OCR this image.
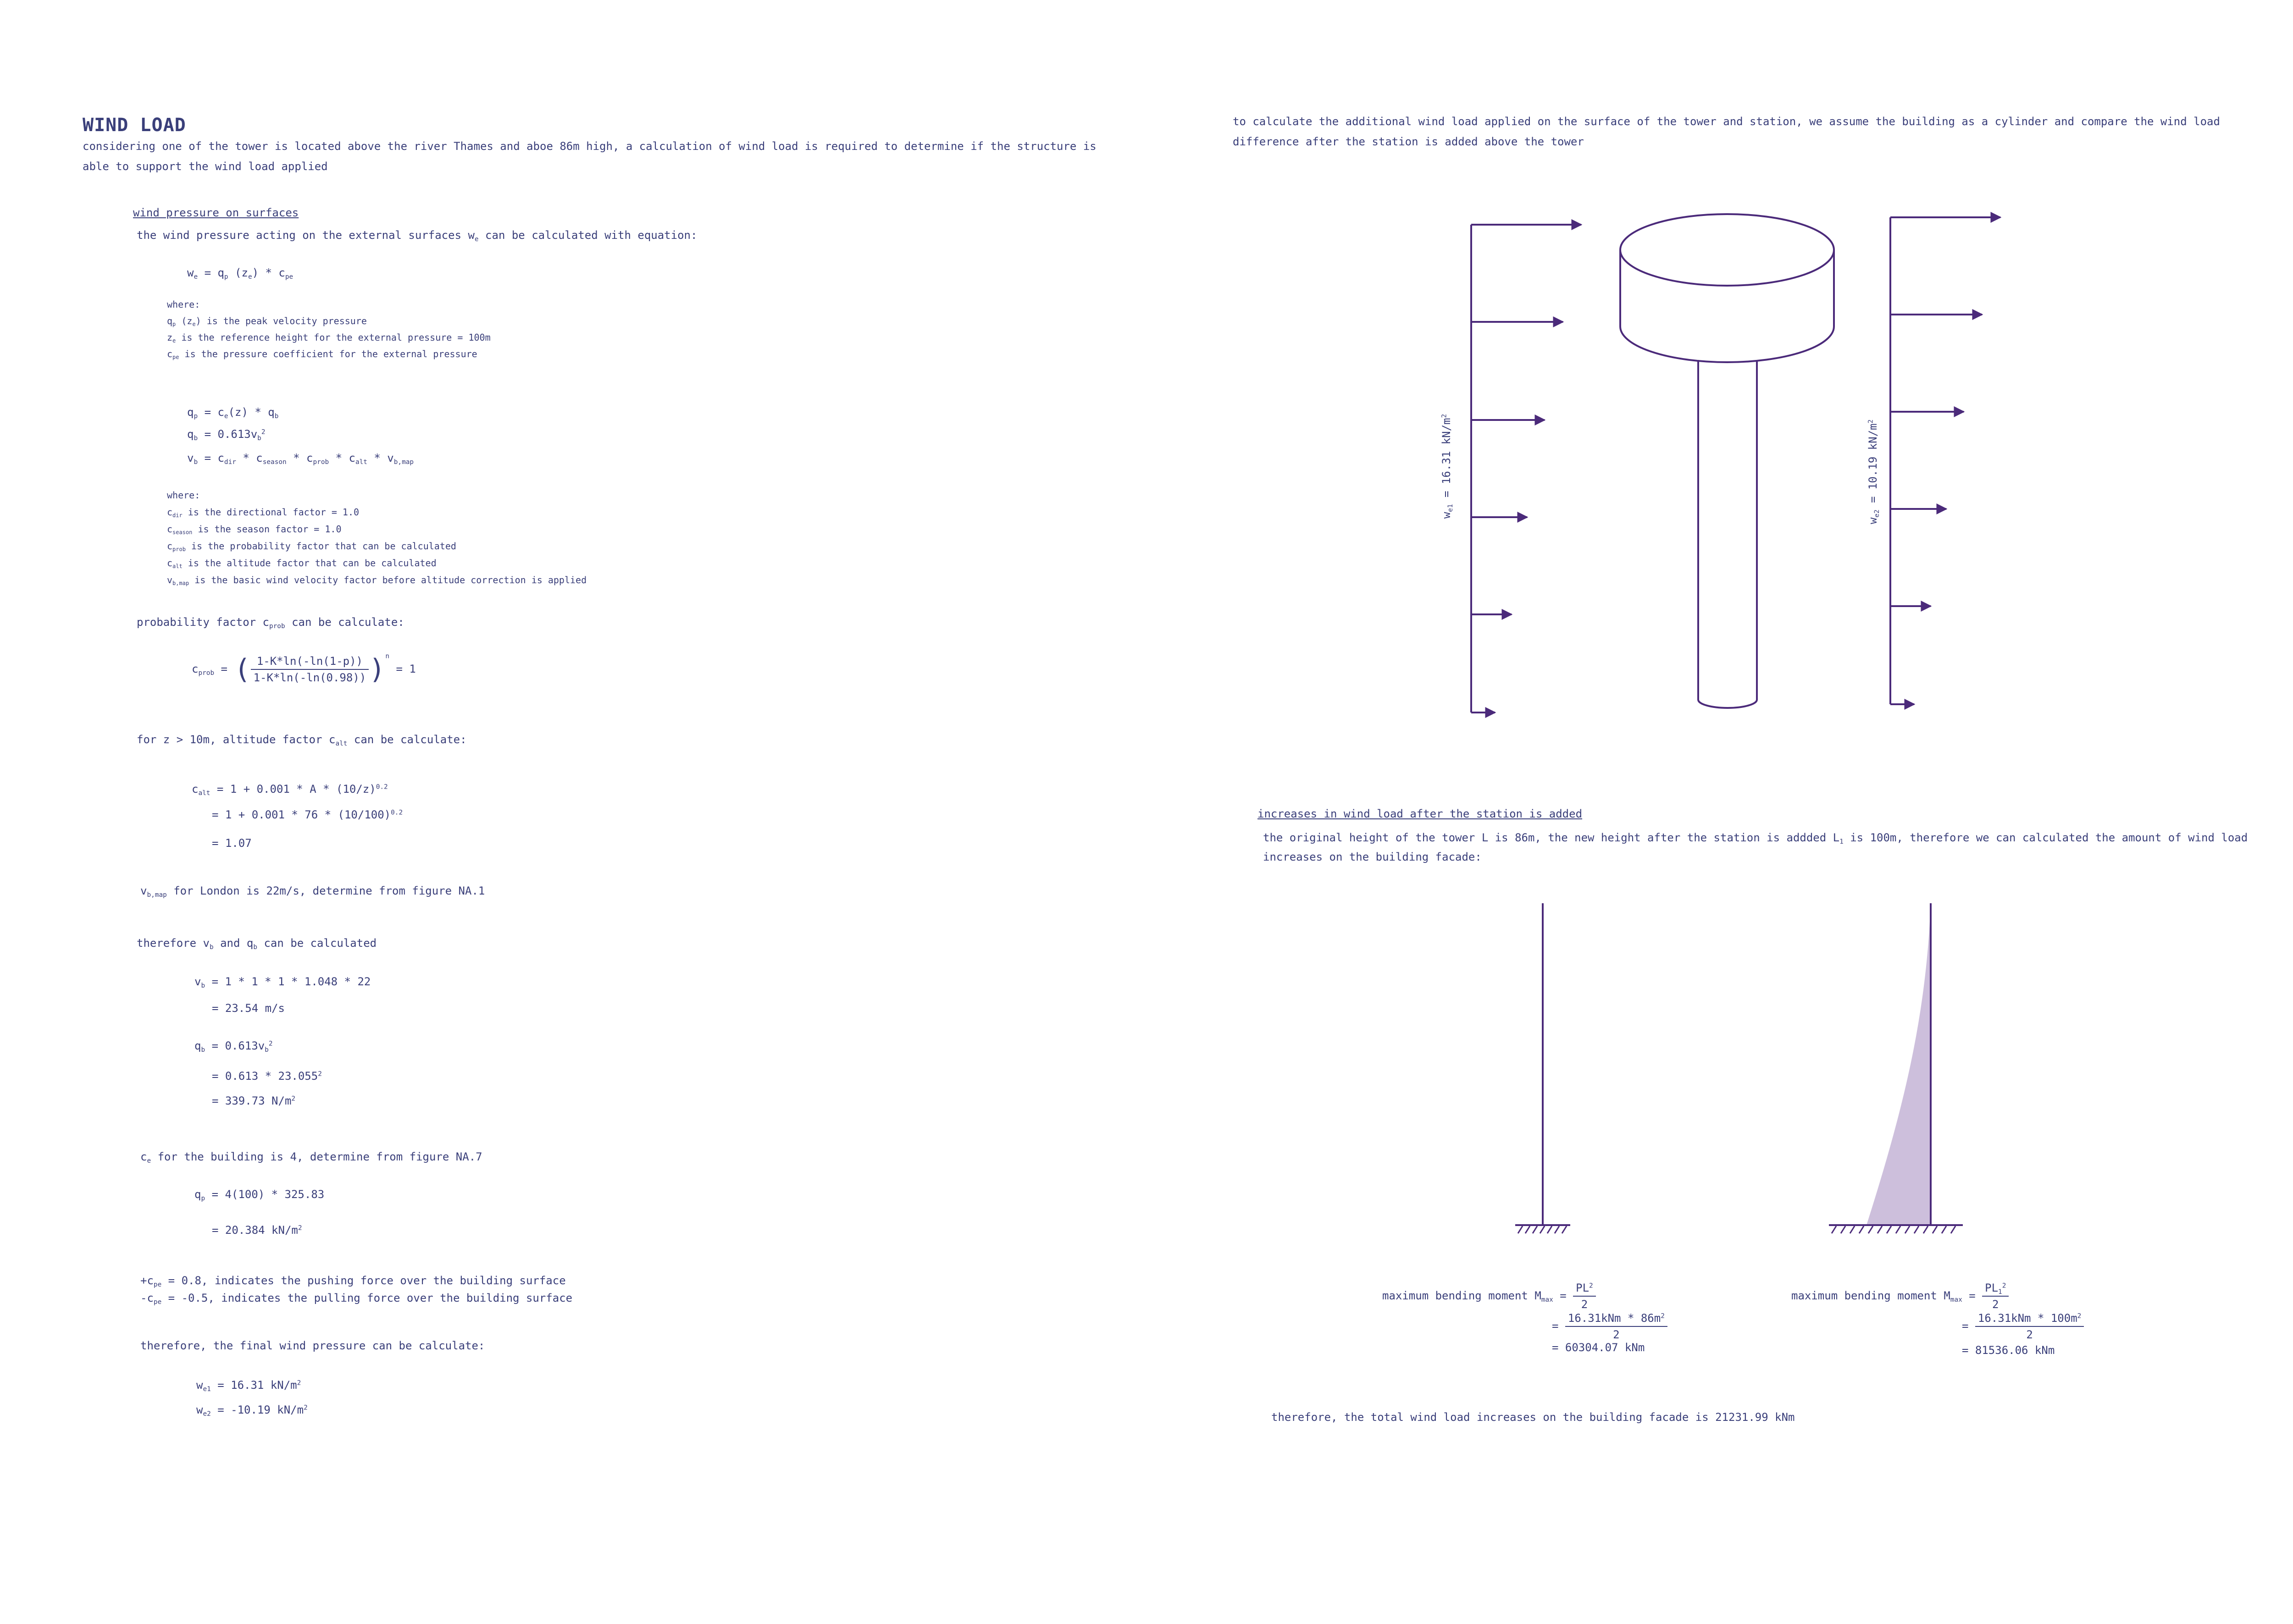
WIND LOAD
considering one of the tower is located above the river Thames and aboe 86m high, a calculation of wind load is required to determine if the structure is
able to support the wind load applied
wind pressure on surfaces
the wind pressure acting on the external surfaces $w_e$ can be calculated with equation:
$w_e = q_p$ $(z_e) * c_{pe}$
where:
$q_p$ $(z_e)$ is the peak velocity pressure
$z_e$ is the reference height for the external pressure = 100m
$c_{pe}$ is the pressure coefficient for the external pressure
$q_p = c_e(z) * q_b$
$q_b = 0.613v_b^2$
$v_b = c_{dir} * c_{season} * c_{prob} * c_{alt} * v_{b,map}$
where:
$c_{dir}$ is the directional factor = 1.0
$c_{season}$ is the season factor = 1.0
$c_{prob}$ is the probability factor that can be calculated
$c_{alt}$ is the altitude factor that can be calculated
$v_{b,map}$ is the basic wind velocity factor before altitude correction is applied
probability factor $c_{prob}$ can be calculate:
$c_{prob}$ = ( $\frac{1-K*\ln(-\ln(1-p))}{1-K*\ln(-\ln(0.98))} )^n = 1$
for z > 10m, altitude factor $c_{alt}$ can be calculate:
$c_{alt} = 1 + 0.001 * A * (10/z)^{0.2}$
= $1 + 0.001 * 76 * (10/100)^{0.2}$
= 1.07
$v_{b,map}$ for London is 22m/s, determine from figure NA.1
therefore $v_b$ and $q_b$ can be calculated
$v_b = 1 * 1 * 1 * 1.048 * 22$
= 23.54 m/s
$q_b = 0.613v_b^2$
= $0.613 * 23.055^2$
= 339.73 $N/m^2$
$c_e$ for the building is 4, determine from figure NA.7
$q_p = 4(100) * 325.83$
= 20.384 $kN/m^2$
$+c_{pe} = 0.8$, indicates the pushing force over the building surface
$-c_{pe} = -0.5$, indicates the pulling force over the building surface
therefore, the final wind pressure can be calculate:
$w_{e1} = 16.31$ $kN/m^2$
$w_{e2} = -10.19$ $kN/m^2$
to calculate the additional wind load applied on the surface of the tower and station, we assume the building as a cylinder and compare the wind load
difference after the station is added above the tower
$w_{e1} = 16.31$ $kN/m^2$
$w_{e2} = 10.19$ $kN/m^2$
increases in wind load after the station is added
the original height of the tower L is 86m, the new height after the station is addded $L_1$ is 100m, therefore we can calculated the amount of wind load
increases on the building facade:
maximum bending moment $M_{max} = \frac{PL^2}{2}$
= $\frac{16.31kNm * 86m^2}{2}$
= 60304.07 kNm
maximum bending moment $M_{max} = \frac{PL_1^2}{2}$
= $\frac{16.31kNm * 100m^2}{2}$
= 81536.06 kNm
therefore, the total wind load increases on the building facade is 21231.99 kNm
